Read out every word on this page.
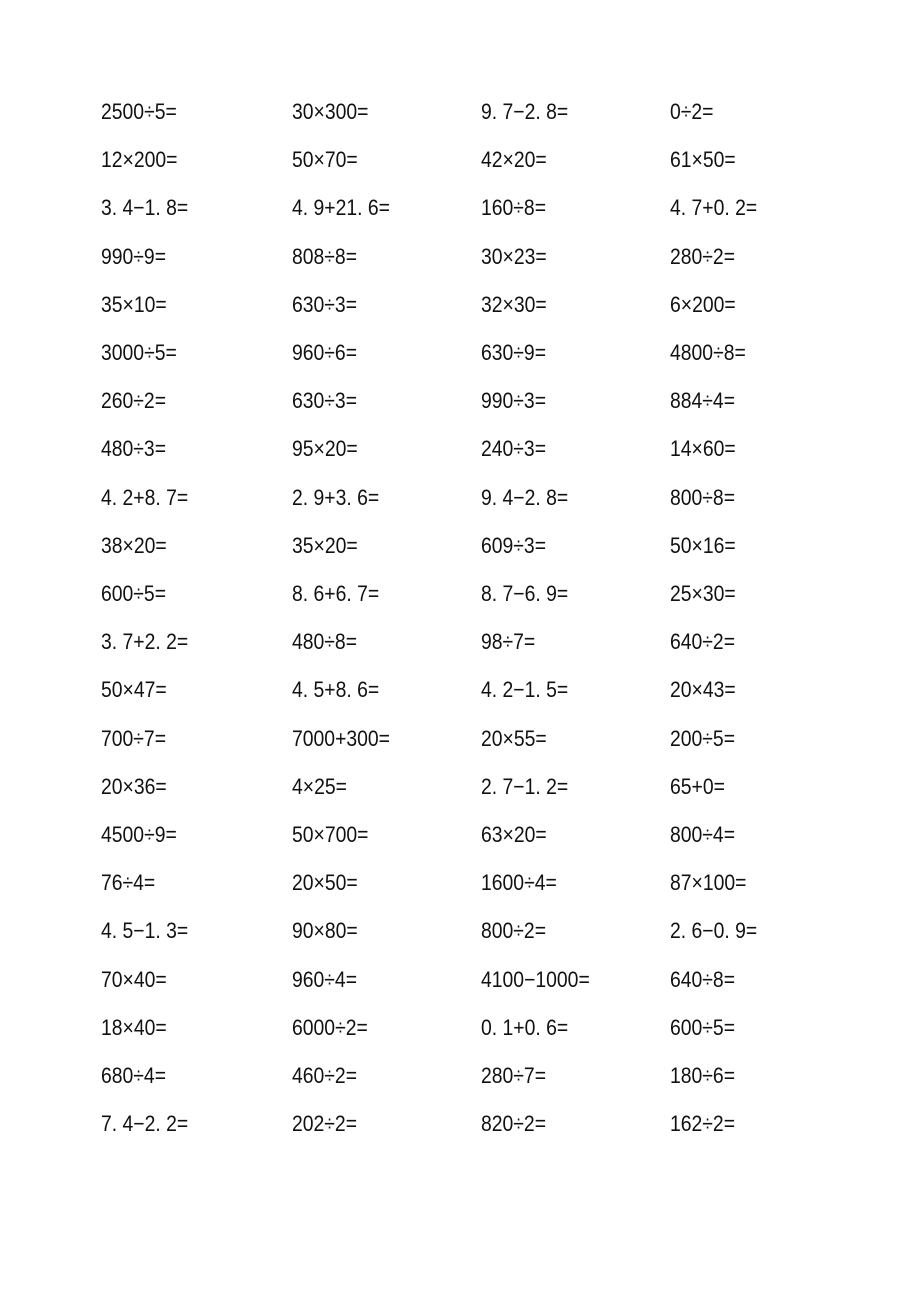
2500÷5=	30×300=	9. 7−2. 8=	0÷2=
12×200=	50×70=	42×20=	61×50=
3. 4−1. 8=	4. 9+21. 6=	160÷8=	4. 7+0. 2=
990÷9=	808÷8=	30×23=	280÷2=
35×10=	630÷3=	32×30=	6×200=
3000÷5=	960÷6=	630÷9=	4800÷8=
260÷2=	630÷3=	990÷3=	884÷4=
480÷3=	95×20=	240÷3=	14×60=
4. 2+8. 7=	2. 9+3. 6=	9. 4−2. 8=	800÷8=
38×20=	35×20=	609÷3=	50×16=
600÷5=	8. 6+6. 7=	8. 7−6. 9=	25×30=
3. 7+2. 2=	480÷8=	98÷7=	640÷2=
50×47=	4. 5+8. 6=	4. 2−1. 5=	20×43=
700÷7=	7000+300=	20×55=	200÷5=
20×36=	4×25=	2. 7−1. 2=	65+0=
4500÷9=	50×700=	63×20=	800÷4=
76÷4=	20×50=	1600÷4=	87×100=
4. 5−1. 3=	90×80=	800÷2=	2. 6−0. 9=
70×40=	960÷4=	4100−1000=	640÷8=
18×40=	6000÷2=	0. 1+0. 6=	600÷5=
680÷4=	460÷2=	280÷7=	180÷6=
7. 4−2. 2=	202÷2=	820÷2=	162÷2=
